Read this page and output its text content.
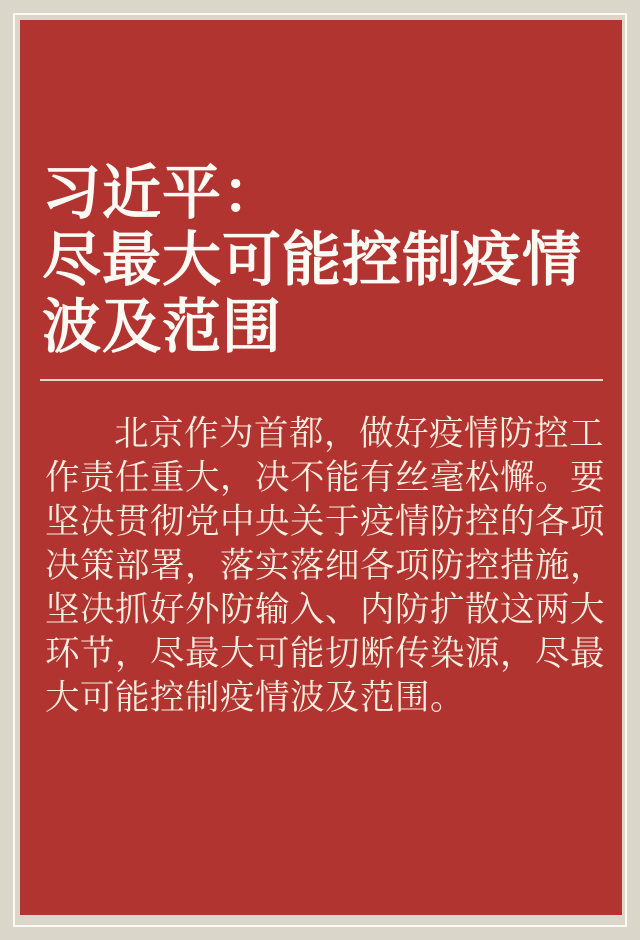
习近平：
尽最大可能控制疫情
波及范围

北京作为首都，做好疫情防控工
作责任重大，决不能有丝毫松懈。要
坚决贯彻党中央关于疫情防控的各项
决策部署，落实落细各项防控措施，
坚决抓好外防输入、内防扩散这两大
环节，尽最大可能切断传染源，尽最
大可能控制疫情波及范围。
